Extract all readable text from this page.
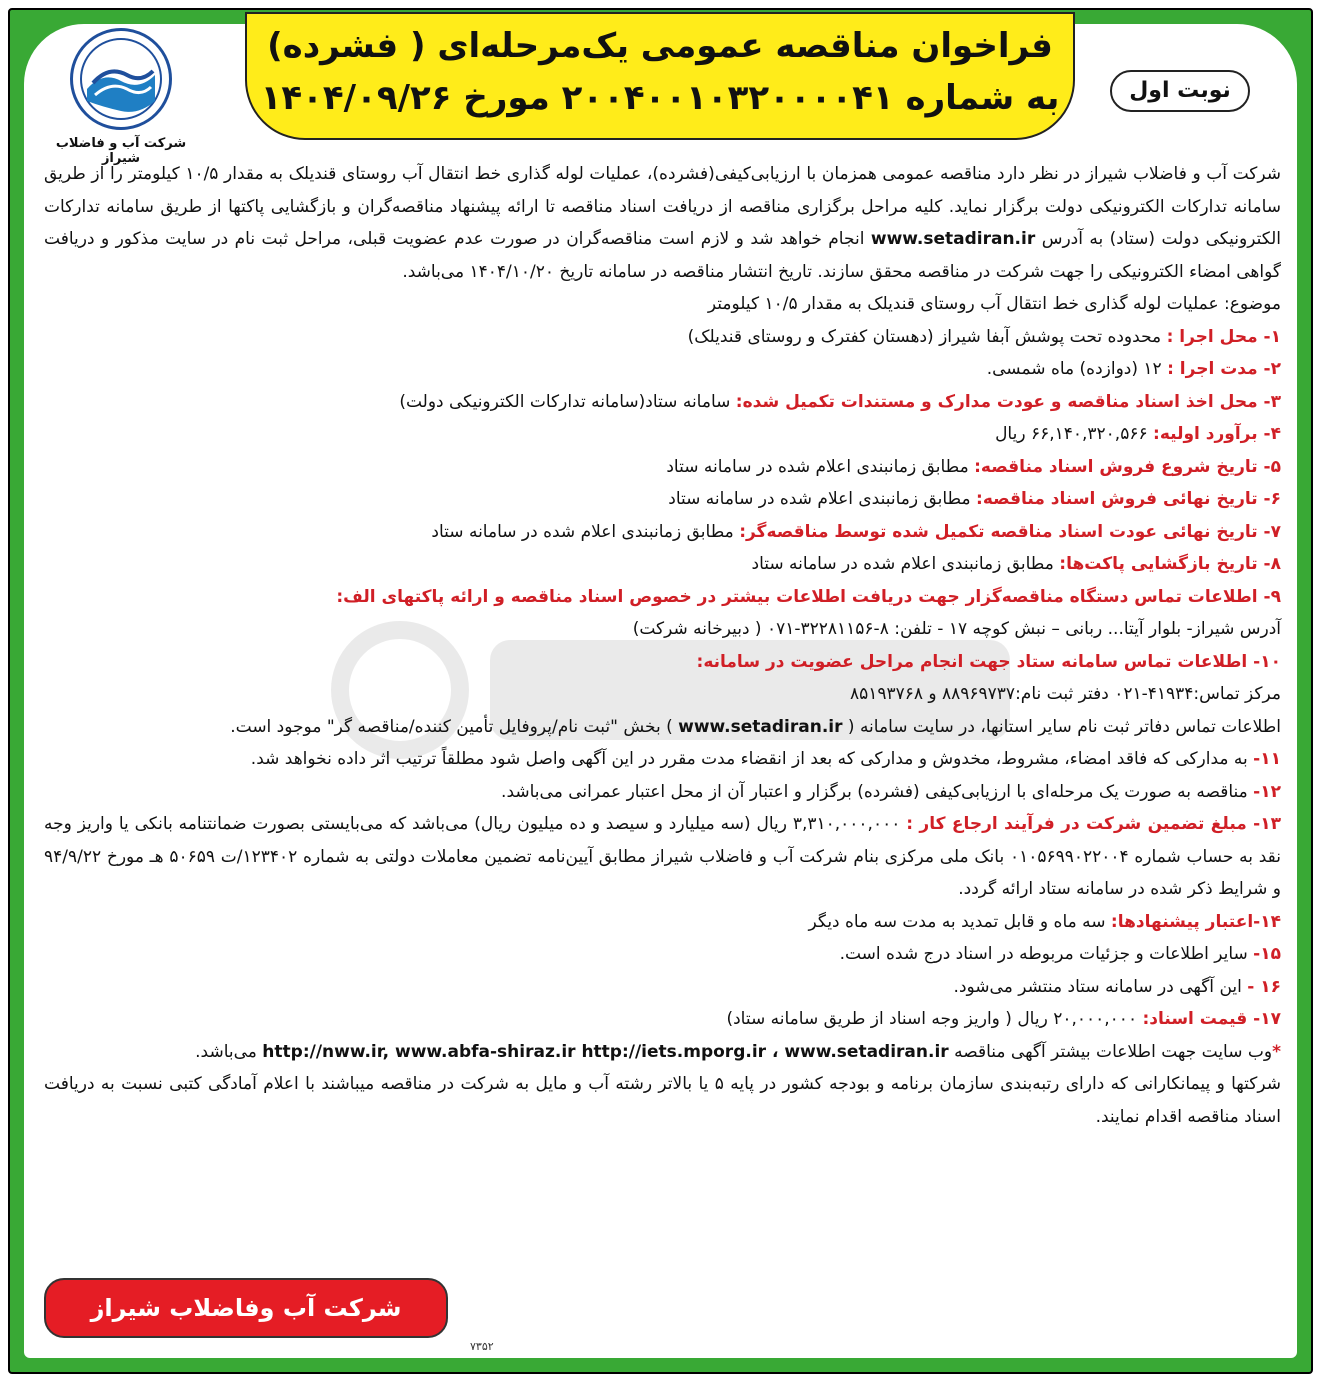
فراخوان مناقصه عمومی یک‌مرحله‌ای ( فشرده)
به شماره ۲۰۰۴۰۰۱۰۳۲۰۰۰۰۴۱ مورخ ۱۴۰۴/۰۹/۲۶	نوبت اول
شرکت آب و فاضلاب شیراز

شرکت آب و فاضلاب شیراز در نظر دارد مناقصه عمومی همزمان با ارزیابی‌کیفی(فشرده)، عملیات لوله گذاری خط انتقال آب روستای قندیلک به مقدار ۱۰/۵ کیلومتر را از طریق سامانه تدارکات الکترونیکی دولت برگزار نماید. کلیه مراحل برگزاری مناقصه از دریافت اسناد مناقصه تا ارائه پیشنهاد مناقصه‌گران و بازگشایی پاکتها از طریق سامانه تدارکات الکترونیکی دولت (ستاد) به آدرس www.setadiran.ir انجام خواهد شد و لازم است مناقصه‌گران در صورت عدم عضویت قبلی، مراحل ثبت نام در سایت مذکور و دریافت گواهی امضاء الکترونیکی را جهت شرکت در مناقصه محقق سازند. تاریخ انتشار مناقصه در سامانه تاریخ ۱۴۰۴/۱۰/۲۰ می‌باشد.

موضوع: عملیات لوله گذاری خط انتقال آب روستای قندیلک به مقدار ۱۰/۵ کیلومتر

۱- محل اجرا : محدوده تحت پوشش آبفا شیراز (دهستان کفترک و روستای قندیلک)

۲- مدت اجرا : ۱۲ (دوازده) ماه شمسی.

۳- محل اخذ اسناد مناقصه و عودت مدارک و مستندات تکمیل شده: سامانه ستاد(سامانه تدارکات الکترونیکی دولت)

۴- برآورد اولیه: ۶۶,۱۴۰,۳۲۰,۵۶۶ ریال

۵- تاریخ شروع فروش اسناد مناقصه: مطابق زمانبندی اعلام شده در سامانه ستاد

۶- تاریخ نهائی فروش اسناد مناقصه: مطابق زمانبندی اعلام شده در سامانه ستاد

۷- تاریخ نهائی عودت اسناد مناقصه تکمیل شده توسط مناقصه‌گر: مطابق زمانبندی اعلام شده در سامانه ستاد

۸- تاریخ بازگشایی پاکت‌ها: مطابق زمانبندی اعلام شده در سامانه ستاد

۹- اطلاعات تماس دستگاه مناقصه‌گزار جهت دریافت اطلاعات بیشتر در خصوص اسناد مناقصه و ارائه پاکتهای الف:

آدرس شیراز- بلوار آیتا... ربانی – نبش کوچه ۱۷ - تلفن: ۸-۳۲۲۸۱۱۵۶-۰۷۱ ( دبیرخانه شرکت)

۱۰- اطلاعات تماس سامانه ستاد جهت انجام مراحل عضویت در سامانه:

مرکز تماس:۴۱۹۳۴-۰۲۱ دفتر ثبت نام:۸۸۹۶۹۷۳۷ و ۸۵۱۹۳۷۶۸

اطلاعات تماس دفاتر ثبت نام سایر استانها، در سایت سامانه ( www.setadiran.ir ) بخش "ثبت نام/پروفایل تأمین کننده/مناقصه گر" موجود است.

۱۱- به مدارکی که فاقد امضاء، مشروط، مخدوش و مدارکی که بعد از انقضاء مدت مقرر در این آگهی واصل شود مطلقاً ترتیب اثر داده نخواهد شد.

۱۲- مناقصه به صورت یک مرحله‌ای با ارزیابی‌کیفی (فشرده) برگزار و اعتبار آن از محل اعتبار عمرانی می‌باشد.

۱۳- مبلغ تضمین شرکت در فرآیند ارجاع کار : ۳,۳۱۰,۰۰۰,۰۰۰ ریال (سه میلیارد و سیصد و ده میلیون ریال) می‌باشد که می‌بایستی بصورت ضمانتنامه بانکی یا واریز وجه نقد به حساب شماره ۰۱۰۵۶۹۹۰۲۲۰۰۴ بانک ملی مرکزی بنام شرکت آب و فاضلاب شیراز مطابق آیین‌نامه تضمین معاملات دولتی به شماره ۱۲۳۴۰۲/ت ۵۰۶۵۹ هـ مورخ ۹۴/۹/۲۲ و شرایط ذکر شده در سامانه ستاد ارائه گردد.

۱۴-اعتبار پیشنهادها: سه ماه و قابل تمدید به مدت سه ماه دیگر

۱۵- سایر اطلاعات و جزئیات مربوطه در اسناد درج شده است.

۱۶ - این آگهی در سامانه ستاد منتشر می‌شود.

۱۷- قیمت اسناد: ۲۰,۰۰۰,۰۰۰ ریال ( واریز وجه اسناد از طریق سامانه ستاد)

*وب سایت جهت اطلاعات بیشتر آگهی مناقصه http://nww.ir, www.abfa-shiraz.ir http://iets.mporg.ir ، www.setadiran.ir می‌باشد.

شرکتها و پیمانکارانی که دارای رتبه‌بندی سازمان برنامه و بودجه کشور در پایه ۵ یا بالاتر رشته آب و مایل به شرکت در مناقصه میباشند با اعلام آمادگی کتبی نسبت به دریافت اسناد مناقصه اقدام نمایند.

شرکت آب وفاضلاب شیراز
۷۳۵۲
